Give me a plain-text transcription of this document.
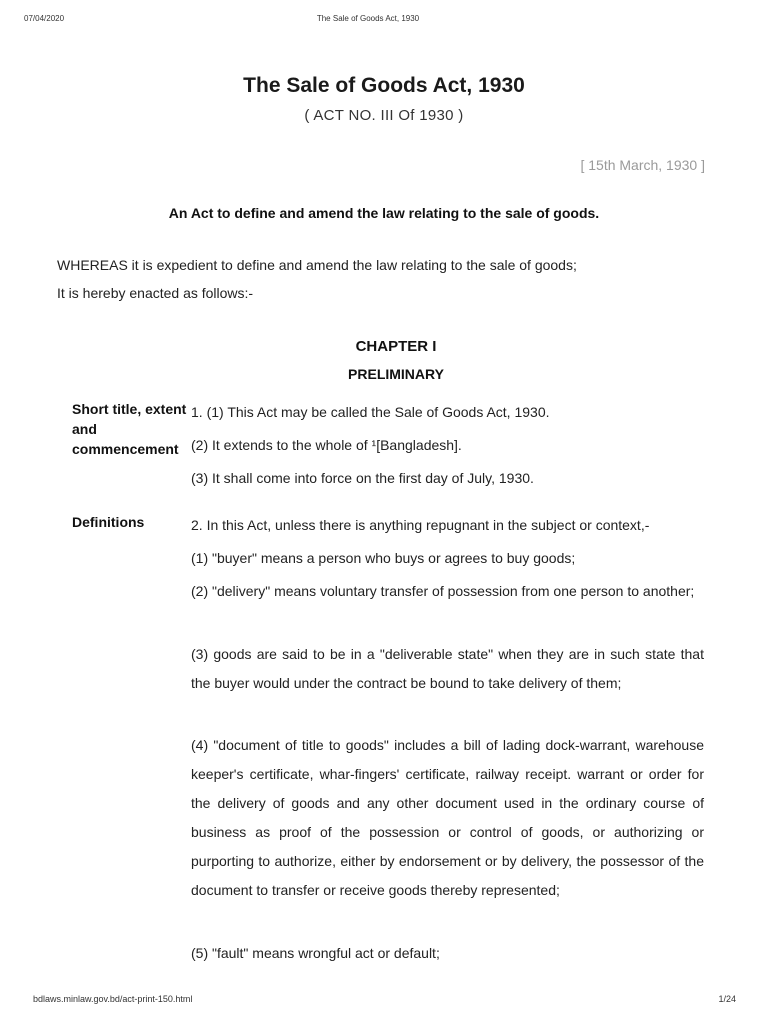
07/04/2020	The Sale of Goods Act, 1930
The Sale of Goods Act, 1930
( ACT NO. III Of 1930 )
[ 15th March, 1930 ]
An Act to define and amend the law relating to the sale of goods.
WHEREAS it is expedient to define and amend the law relating to the sale of goods;
It is hereby enacted as follows:-
CHAPTER I
PRELIMINARY
Short title, extent and commencement
1. (1) This Act may be called the Sale of Goods Act, 1930.
(2) It extends to the whole of ¹[Bangladesh].
(3) It shall come into force on the first day of July, 1930.
Definitions	2. In this Act, unless there is anything repugnant in the subject or context,-
(1) "buyer" means a person who buys or agrees to buy goods;
(2) "delivery" means voluntary transfer of possession from one person to another;
(3) goods are said to be in a "deliverable state" when they are in such state that the buyer would under the contract be bound to take delivery of them;
(4) "document of title to goods" includes a bill of lading dock-warrant, warehouse keeper's certificate, whar-fingers' certificate, railway receipt. warrant or order for the delivery of goods and any other document used in the ordinary course of business as proof of the possession or control of goods, or authorizing or purporting to authorize, either by endorsement or by delivery, the possessor of the document to transfer or receive goods thereby represented;
(5) "fault" means wrongful act or default;
bdlaws.minlaw.gov.bd/act-print-150.html	1/24
